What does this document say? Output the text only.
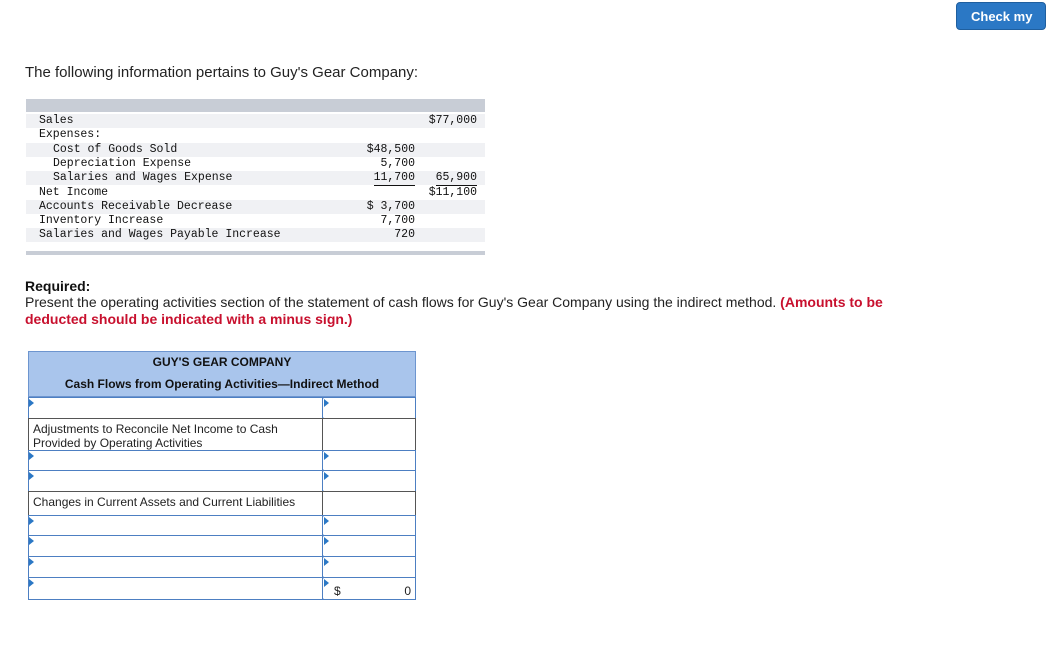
Check my
The following information pertains to Guy's Gear Company:
Sales	$77,000
Expenses:
Cost of Goods Sold	$48,500
Depreciation Expense	5,700
Salaries and Wages Expense	11,700 65,900
Net Income	$11,100
Accounts Receivable Decrease	$ 3,700
Inventory Increase	7,700
Salaries and Wages Payable Increase	720
Required:
Present the operating activities section of the statement of cash flows for Guy's Gear Company using the indirect method. (Amounts to be deducted should be indicated with a minus sign.)
GUY'S GEAR COMPANY
Cash Flows from Operating Activities—Indirect Method
Adjustments to Reconcile Net Income to Cash Provided by Operating Activities
Changes in Current Assets and Current Liabilities
$	0
